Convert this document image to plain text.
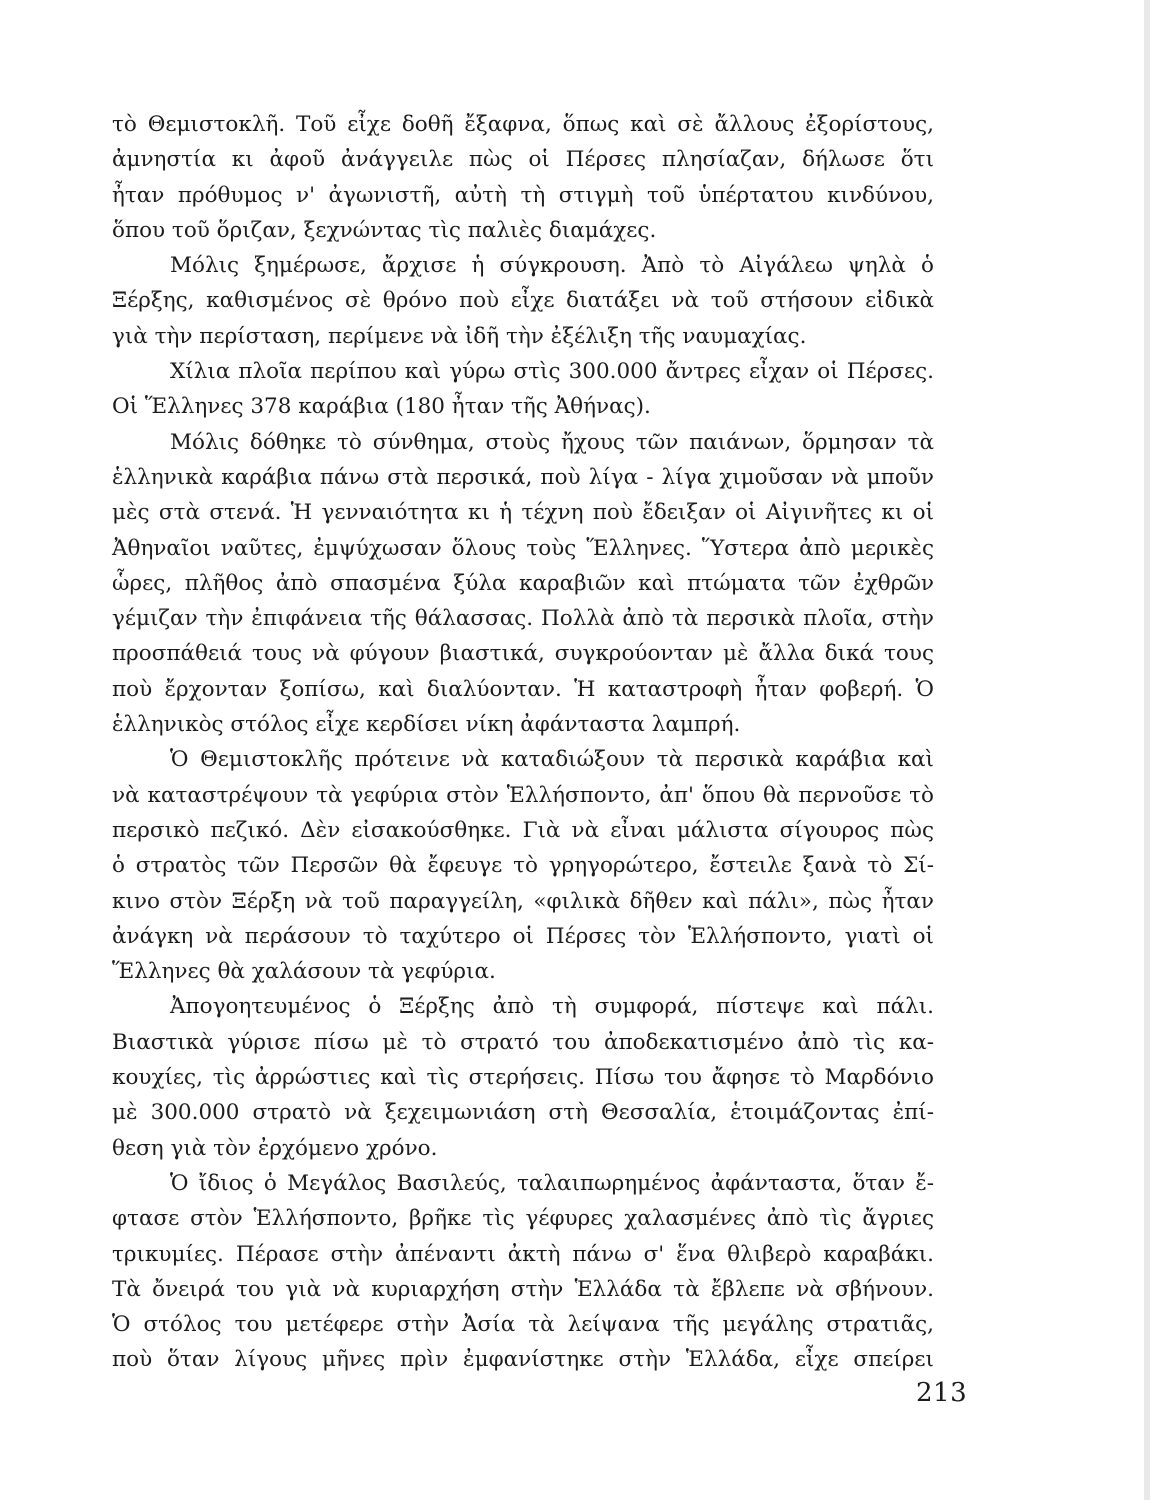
τὸ Θεμιστοκλῆ. Τοῦ εἶχε δοθῆ ἔξαφνα, ὅπως καὶ σὲ ἄλλους ἐξορίστους,
ἀμνηστία κι ἀφοῦ ἀνάγγειλε πὼς οἱ Πέρσες πλησίαζαν, δήλωσε ὅτι
ἦταν πρόθυμος ν' ἀγωνιστῆ, αὐτὴ τὴ στιγμὴ τοῦ ὑπέρτατου κινδύνου,
ὅπου τοῦ ὅριζαν, ξεχνώντας τὶς παλιὲς διαμάχες.
Μόλις ξημέρωσε, ἄρχισε ἡ σύγκρουση. Ἀπὸ τὸ Αἰγάλεω ψηλὰ ὁ
Ξέρξης, καθισμένος σὲ θρόνο ποὺ εἶχε διατάξει νὰ τοῦ στήσουν εἰδικὰ
γιὰ τὴν περίσταση, περίμενε νὰ ἰδῆ τὴν ἐξέλιξη τῆς ναυμαχίας.
Χίλια πλοῖα περίπου καὶ γύρω στὶς 300.000 ἄντρες εἶχαν οἱ Πέρσες.
Οἱ Ἕλληνες 378 καράβια (180 ἦταν τῆς Ἀθήνας).
Μόλις δόθηκε τὸ σύνθημα, στοὺς ἤχους τῶν παιάνων, ὅρμησαν τὰ
ἑλληνικὰ καράβια πάνω στὰ περσικά, ποὺ λίγα - λίγα χιμοῦσαν νὰ μποῦν
μὲς στὰ στενά. Ἡ γενναιότητα κι ἡ τέχνη ποὺ ἔδειξαν οἱ Αἰγινῆτες κι οἱ
Ἀθηναῖοι ναῦτες, ἐμψύχωσαν ὅλους τοὺς Ἕλληνες. Ὕστερα ἀπὸ μερικὲς
ὧρες, πλῆθος ἀπὸ σπασμένα ξύλα καραβιῶν καὶ πτώματα τῶν ἐχθρῶν
γέμιζαν τὴν ἐπιφάνεια τῆς θάλασσας. Πολλὰ ἀπὸ τὰ περσικὰ πλοῖα, στὴν
προσπάθειά τους νὰ φύγουν βιαστικά, συγκρούονταν μὲ ἄλλα δικά τους
ποὺ ἔρχονταν ξοπίσω, καὶ διαλύονταν. Ἡ καταστροφὴ ἦταν φοβερή. Ὁ
ἑλληνικὸς στόλος εἶχε κερδίσει νίκη ἀφάνταστα λαμπρή.
Ὁ Θεμιστοκλῆς πρότεινε νὰ καταδιώξουν τὰ περσικὰ καράβια καὶ
νὰ καταστρέψουν τὰ γεφύρια στὸν Ἑλλήσποντο, ἀπ' ὅπου θὰ περνοῦσε τὸ
περσικὸ πεζικό. Δὲν εἰσακούσθηκε. Γιὰ νὰ εἶναι μάλιστα σίγουρος πὼς
ὁ στρατὸς τῶν Περσῶν θὰ ἔφευγε τὸ γρηγορώτερο, ἔστειλε ξανὰ τὸ Σί-
κινο στὸν Ξέρξη νὰ τοῦ παραγγείλη, «φιλικὰ δῆθεν καὶ πάλι», πὼς ἦταν
ἀνάγκη νὰ περάσουν τὸ ταχύτερο οἱ Πέρσες τὸν Ἑλλήσποντο, γιατὶ οἱ
Ἕλληνες θὰ χαλάσουν τὰ γεφύρια.
Ἀπογοητευμένος ὁ Ξέρξης ἀπὸ τὴ συμφορά, πίστεψε καὶ πάλι.
Βιαστικὰ γύρισε πίσω μὲ τὸ στρατό του ἀποδεκατισμένο ἀπὸ τὶς κα-
κουχίες, τὶς ἀρρώστιες καὶ τὶς στερήσεις. Πίσω του ἄφησε τὸ Μαρδόνιο
μὲ 300.000 στρατὸ νὰ ξεχειμωνιάση στὴ Θεσσαλία, ἑτοιμάζοντας ἐπί-
θεση γιὰ τὸν ἐρχόμενο χρόνο.
Ὁ ἴδιος ὁ Μεγάλος Βασιλεύς, ταλαιπωρημένος ἀφάνταστα, ὅταν ἔ-
φτασε στὸν Ἑλλήσποντο, βρῆκε τὶς γέφυρες χαλασμένες ἀπὸ τὶς ἄγριες
τρικυμίες. Πέρασε στὴν ἀπέναντι ἀκτὴ πάνω σ' ἕνα θλιβερὸ καραβάκι.
Τὰ ὄνειρά του γιὰ νὰ κυριαρχήση στὴν Ἑλλάδα τὰ ἔβλεπε νὰ σβήνουν.
Ὁ στόλος του μετέφερε στὴν Ἀσία τὰ λείψανα τῆς μεγάλης στρατιᾶς,
ποὺ ὅταν λίγους μῆνες πρὶν ἐμφανίστηκε στὴν Ἑλλάδα, εἶχε σπείρει
213
